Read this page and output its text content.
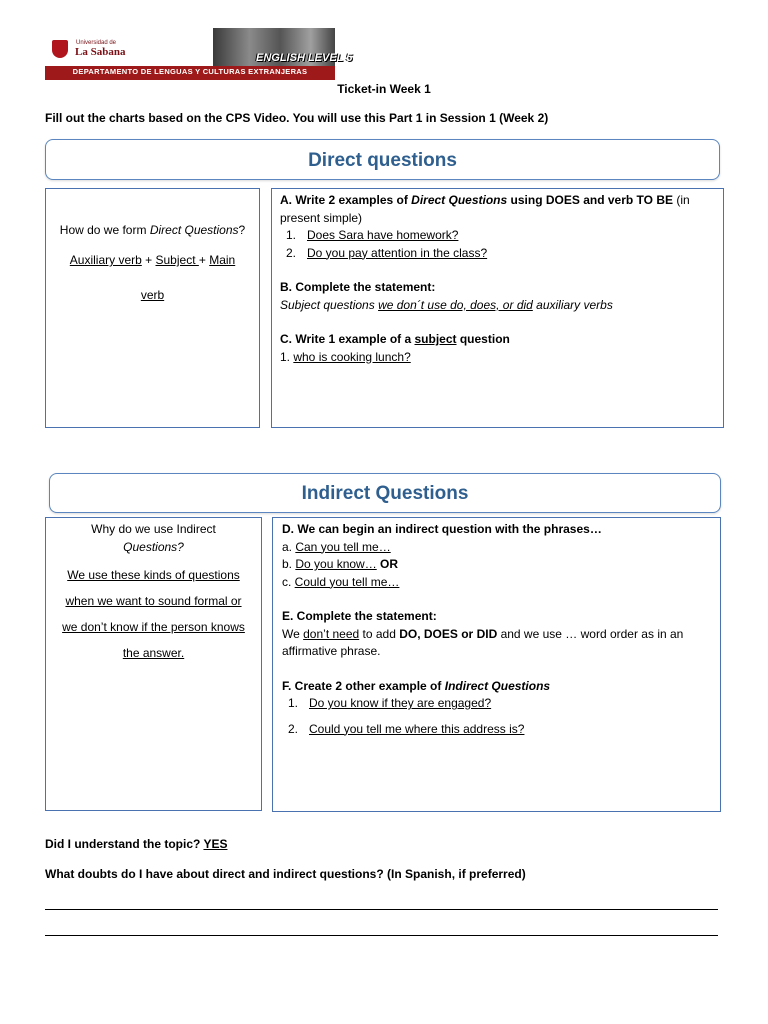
Universidad de
La Sabana	ENGLISH LEVEL 5
DEPARTAMENTO DE LENGUAS Y CULTURAS EXTRANJERAS
Ticket-in Week 1
Fill out the charts based on the CPS Video. You will use this Part 1 in Session 1 (Week 2)
Direct questions
How do we form Direct Questions?
Auxiliary verb + Subject + Main
verb

A. Write 2 examples of Direct Questions using DOES and verb TO BE (in present simple)

1. Does Sara have homework?

2. Do you pay attention in the class?

B. Complete the statement:

Subject questions we don´t use do, does, or did auxiliary verbs

C. Write 1 example of a subject question

1. who is cooking lunch?

Indirect Questions
Why do we use Indirect
Questions?
We use these kinds of questions
when we want to sound formal or
we don’t know if the person knows
the answer.

D. We can begin an indirect question with the phrases…

a. Can you tell me…

b. Do you know… OR

c. Could you tell me…

E. Complete the statement:

We don’t need to add DO, DOES or DID and we use … word order as in an affirmative phrase.

F. Create 2 other example of Indirect Questions

1. Do you know if they are engaged?

2. Could you tell me where this address is?

Did I understand the topic? YES
What doubts do I have about direct and indirect questions? (In Spanish, if preferred)
